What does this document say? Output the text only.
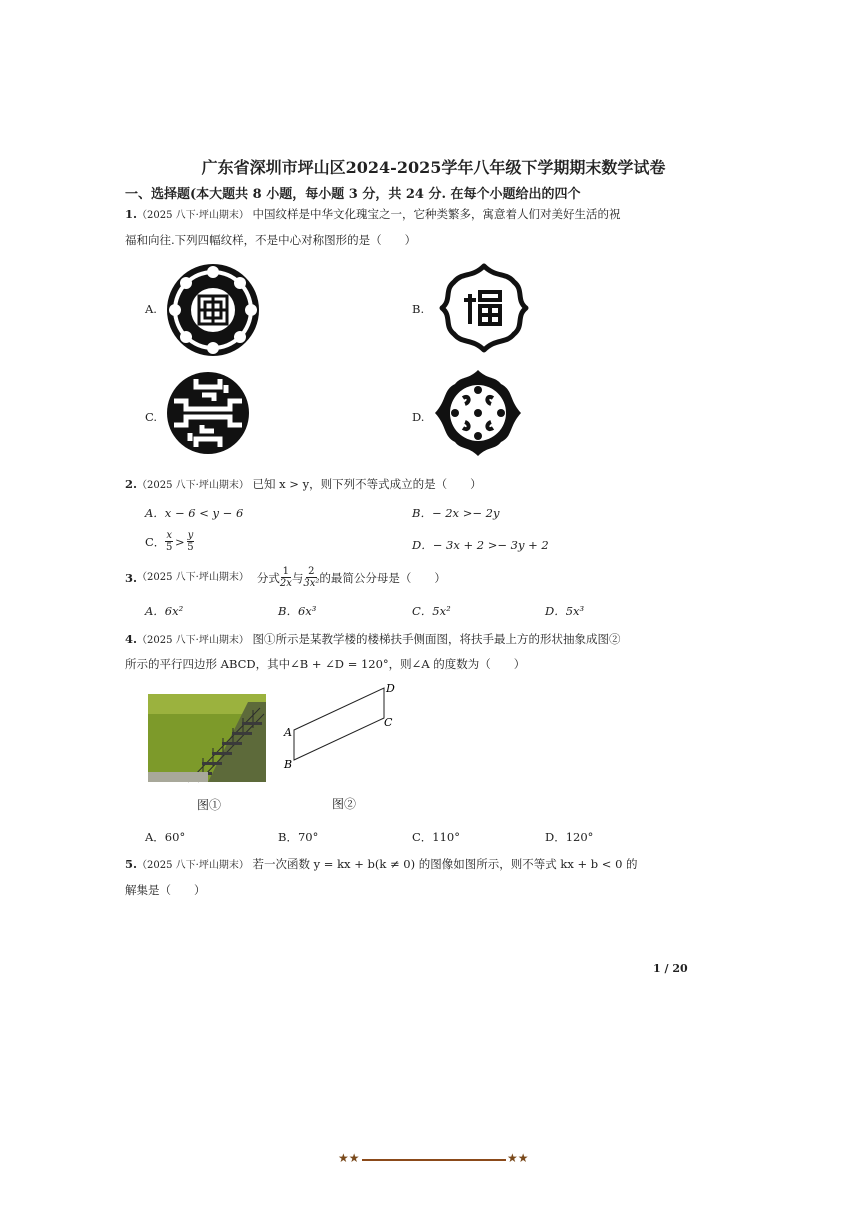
广东省深圳市坪山区2024-2025学年八年级下学期期末数学试卷
一、选择题(本大题共 8 小题，每小题 3 分，共 24 分. 在每个小题给出的四个
1.（2025 八下·坪山期末） 中国纹样是中华文化瑰宝之一，它种类繁多，寓意着人们对美好生活的祝
福和向往.下列四幅纹样，不是中心对称图形的是（　　）
A.	B.
C.	D.
2.（2025 八下·坪山期末） 已知 x > y，则下列不等式成立的是（　　）
A．x − 6 < y − 6	B．− 2x >− 2y
C． $\frac{x}{5} > \frac{y}{5}$	D．− 3x + 2 >− 3y + 2
3. （2025 八下·坪山期末） 分式 $\frac{1}{2x}$ 与 $\frac{2}{\text{3x²}}$ 的最简公分母是（　　）
A．6x²	B．6x³	C．5x²	D．5x³
4.（2025 八下·坪山期末） 图①所示是某教学楼的楼梯扶手侧面图，将扶手最上方的形状抽象成图②
所示的平行四边形 ABCD，其中∠B + ∠D = 120°，则∠A 的度数为（　　）
A
B
C
D
图①	图②
A．60°	B．70°	C．110°	D．120°
5.（2025 八下·坪山期末） 若一次函数 y = kx + b(k ≠ 0) 的图像如图所示，则不等式 kx + b < 0 的
解集是（　　）
1 / 20
★★	★★
